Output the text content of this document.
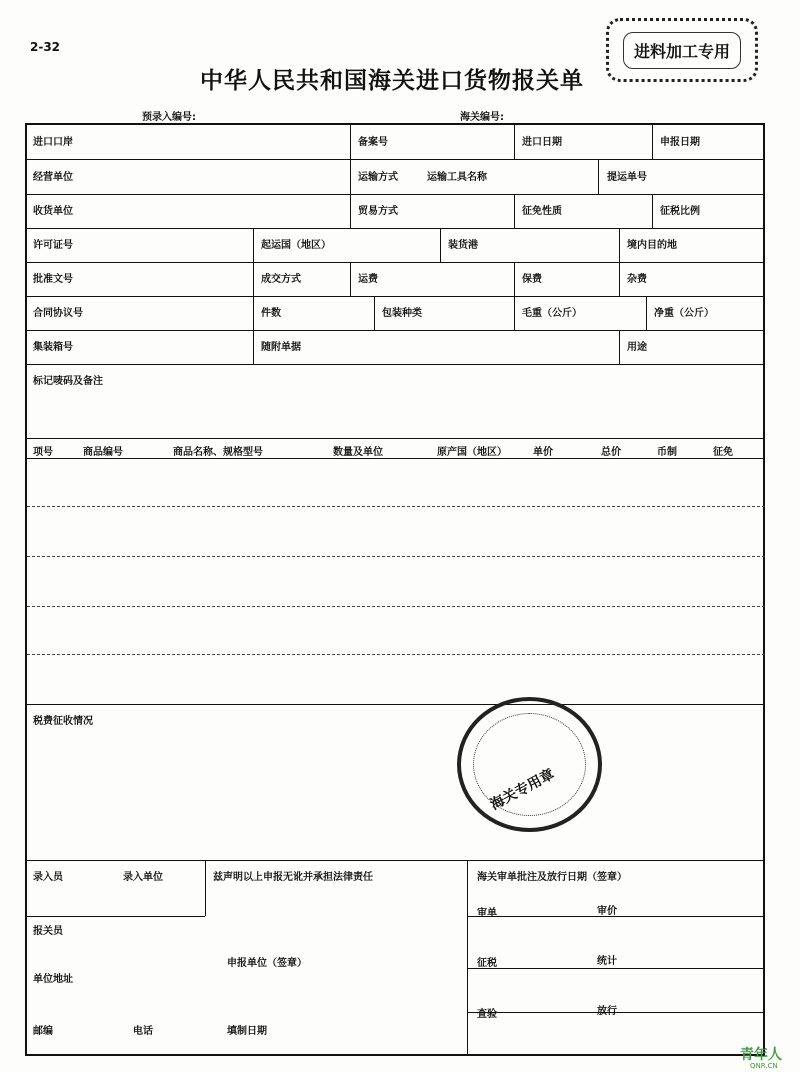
2-32
中华人民共和国海关进口货物报关单
进料加工专用
预录入编号:	海关编号:
进口口岸	备案号	进口日期	申报日期
经营单位	运输方式	运输工具名称	提运单号
收货单位	贸易方式	征免性质	征税比例
许可证号	起运国（地区）	装货港	境内目的地
批准文号	成交方式	运费	保费	杂费
合同协议号	件数	包装种类	毛重（公斤）	净重（公斤）
集装箱号	随附单据	用途
标记唛码及备注
项号	商品编号	商品名称、规格型号	数量及单位	原产国（地区）	单价	总价	币制	征免
税费征收情况
录入员	录入单位	兹声明以上申报无讹并承担法律责任	海关审单批注及放行日期（签章）
报关员
审单	审价
申报单位（签章）
单位地址
征税	统计
邮编	电话	填制日期
查验	放行
海关专用章
青年人
QNR.CN
